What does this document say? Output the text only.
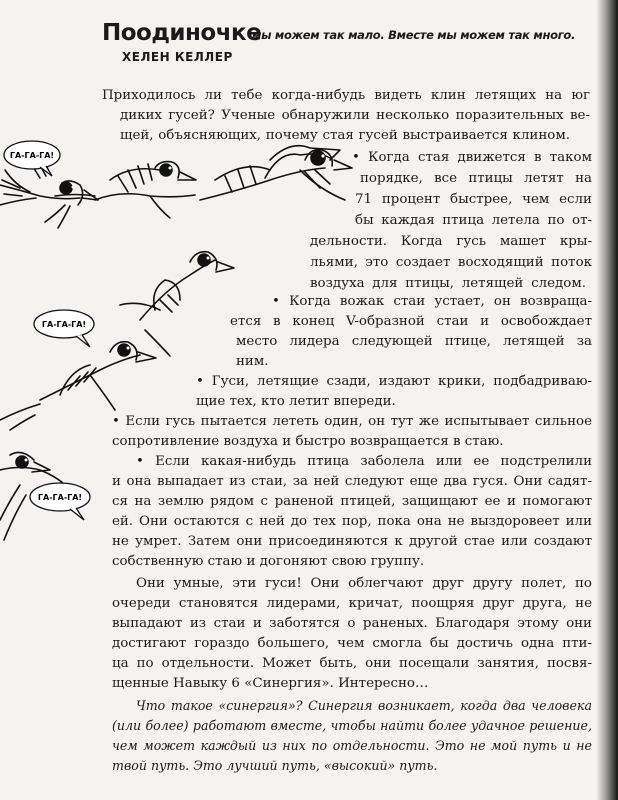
Поодиночке
мы можем так мало. Вместе мы можем так много.
ХЕЛЕН КЕЛЛЕР
ГА-ГА-ГА!
ГА-ГА-ГА!
ГА-ГА-ГА!
Приходилось ли тебе когда-нибудь видеть клин летящих на юг
диких гусей? Ученые обнаружили несколько поразительных ве-
щей, объясняющих, почему стая гусей выстраивается клином.
• Когда стая движется в таком
порядке, все птицы летят на
71 процент быстрее, чем если
бы каждая птица летела по от-
дельности. Когда гусь машет кры-
льями, это создает восходящий поток
воздуха для птицы, летящей следом.
• Когда вожак стаи устает, он возвраща-
ется в конец V-образной стаи и освобождает
место лидера следующей птице, летящей за
ним.
• Гуси, летящие сзади, издают крики, подбадриваю-
щие тех, кто летит впереди.
• Если гусь пытается лететь один, он тут же испытывает сильное
сопротивление воздуха и быстро возвращается в стаю.
• Если какая-нибудь птица заболела или ее подстрелили
и она выпадает из стаи, за ней следуют еще два гуся. Они садят-
ся на землю рядом с раненой птицей, защищают ее и помогают
ей. Они остаются с ней до тех пор, пока она не выздоровеет или
не умрет. Затем они присоединяются к другой стае или создают
собственную стаю и догоняют свою группу.
Они умные, эти гуси! Они облегчают друг другу полет, по
очереди становятся лидерами, кричат, поощряя друг друга, не
выпадают из стаи и заботятся о раненых. Благодаря этому они
достигают гораздо большего, чем смогла бы достичь одна пти-
ца по отдельности. Может быть, они посещали занятия, посвя-
щенные Навыку 6 «Синергия». Интересно…
Что такое «синергия»? Синергия возникает, когда два человека
(или более) работают вместе, чтобы найти более удачное решение,
чем может каждый из них по отдельности. Это не мой путь и не
твой путь. Это лучший путь, «высокий» путь.
